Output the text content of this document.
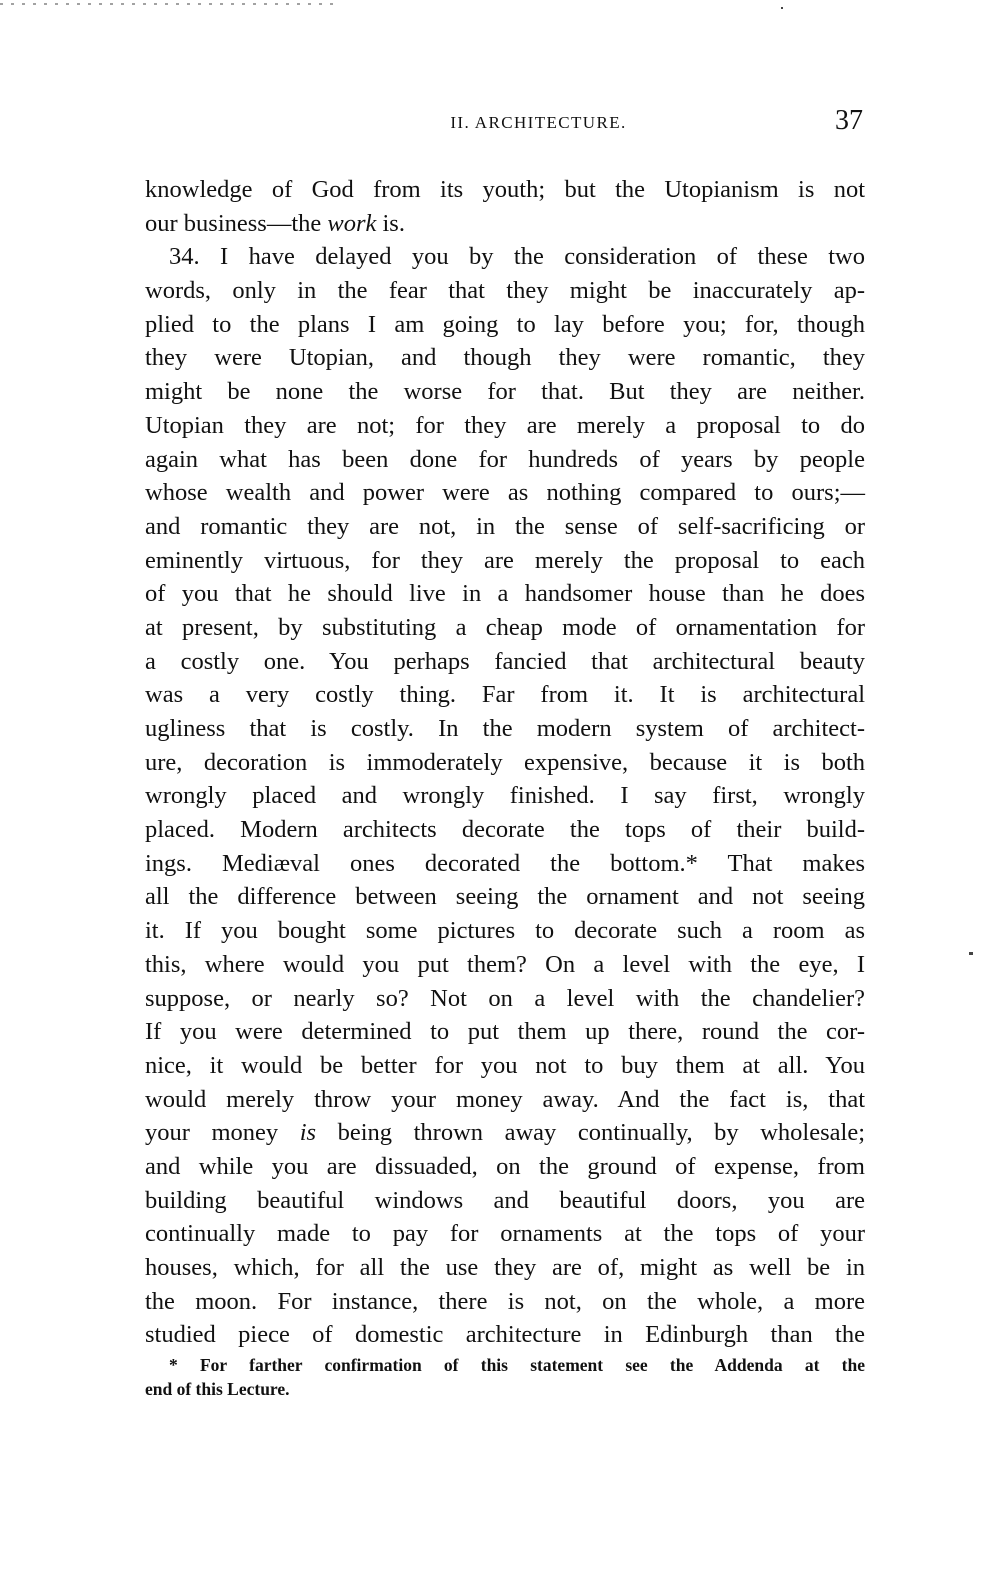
II. ARCHITECTURE.	37
knowledge of God from its youth; but the Utopianism is not
our business—the work is.
34. I have delayed you by the consideration of these two
words, only in the fear that they might be inaccurately ap-
plied to the plans I am going to lay before you; for, though
they were Utopian, and though they were romantic, they
might be none the worse for that. But they are neither.
Utopian they are not; for they are merely a proposal to do
again what has been done for hundreds of years by people
whose wealth and power were as nothing compared to ours;—
and romantic they are not, in the sense of self-sacrificing or
eminently virtuous, for they are merely the proposal to each
of you that he should live in a handsomer house than he does
at present, by substituting a cheap mode of ornamentation for
a costly one. You perhaps fancied that architectural beauty
was a very costly thing. Far from it. It is architectural
ugliness that is costly. In the modern system of architect-
ure, decoration is immoderately expensive, because it is both
wrongly placed and wrongly finished. I say first, wrongly
placed. Modern architects decorate the tops of their build-
ings. Mediæval ones decorated the bottom.* That makes
all the difference between seeing the ornament and not seeing
it. If you bought some pictures to decorate such a room as
this, where would you put them? On a level with the eye, I
suppose, or nearly so? Not on a level with the chandelier?
If you were determined to put them up there, round the cor-
nice, it would be better for you not to buy them at all. You
would merely throw your money away. And the fact is, that
your money is being thrown away continually, by wholesale;
and while you are dissuaded, on the ground of expense, from
building beautiful windows and beautiful doors, you are
continually made to pay for ornaments at the tops of your
houses, which, for all the use they are of, might as well be in
the moon. For instance, there is not, on the whole, a more
studied piece of domestic architecture in Edinburgh than the
* For farther confirmation of this statement see the Addenda at the
end of this Lecture.
